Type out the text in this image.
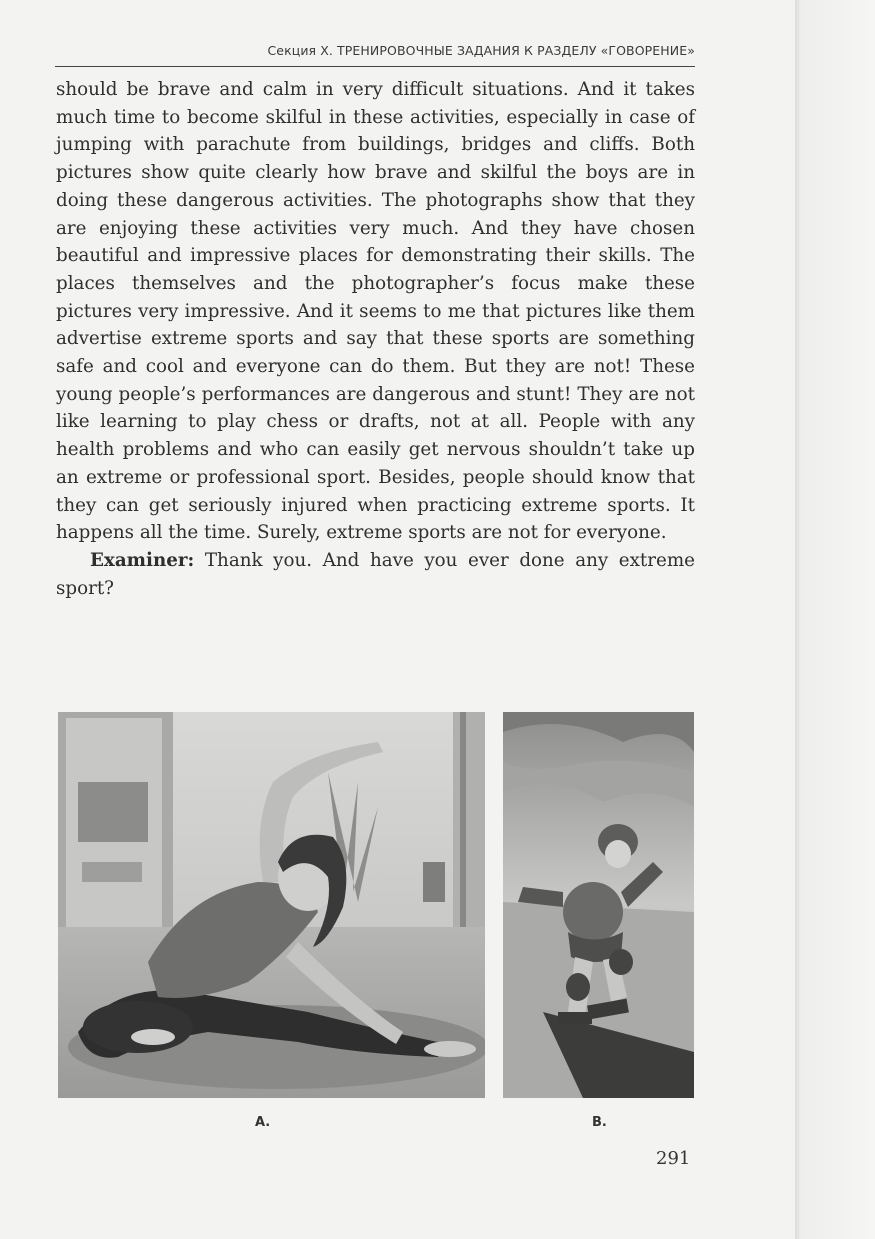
Секция X. ТРЕНИРОВОЧНЫЕ ЗАДАНИЯ К РАЗДЕЛУ «ГОВОРЕНИЕ»

should be brave and calm in very difficult situations. And it takes much time to become skilful in these activities, especially in case of jumping with parachute from buildings, bridges and cliffs. Both pictures show quite clearly how brave and skilful the boys are in doing these dangerous activities. The photographs show that they are enjoying these activities very much. And they have chosen beautiful and impressive places for demonstrating their skills. The places themselves and the photographer’s focus make these pictures very impressive. And it seems to me that pictures like them advertise extreme sports and say that these sports are something safe and cool and everyone can do them. But they are not! These young people’s performances are dangerous and stunt! They are not like learning to play chess or drafts, not at all. People with any health problems and who can easily get nervous shouldn’t take up an extreme or professional sport. Besides, people should know that they can get seriously injured when practicing extreme sports. It happens all the time. Surely, extreme sports are not for everyone.

Examiner: Thank you. And have you ever done any extreme sport?

A.	B.
291
